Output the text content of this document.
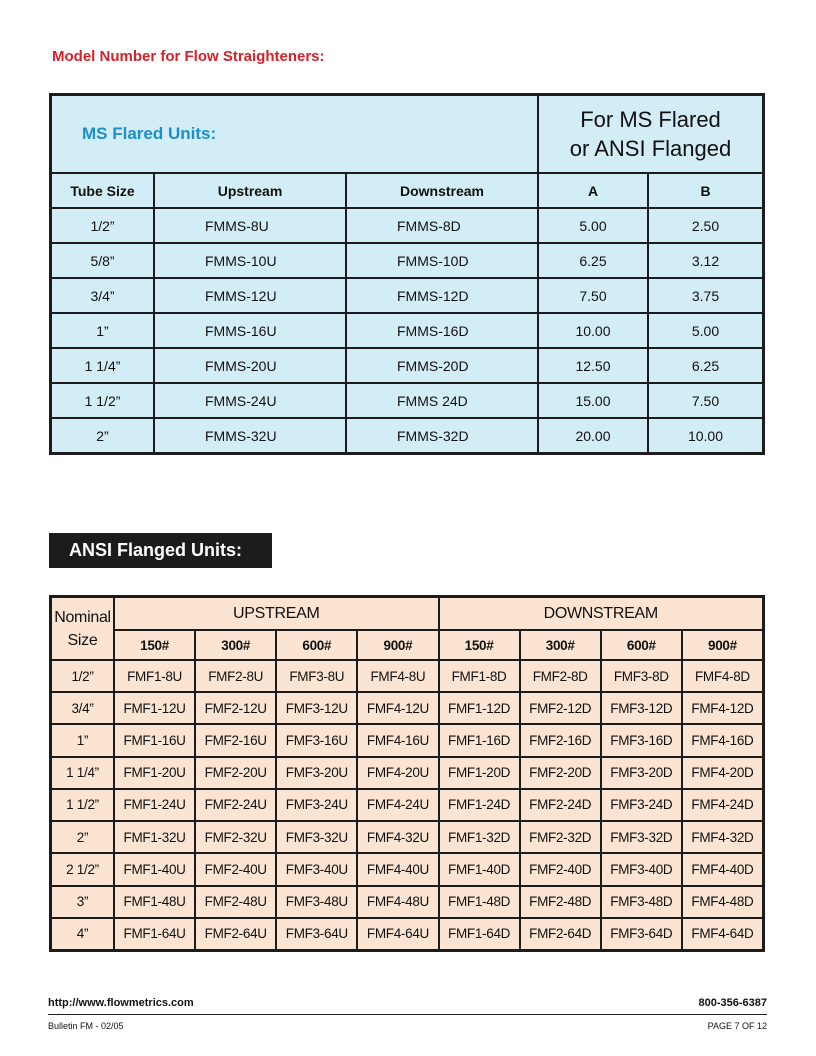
Model Number for Flow Straighteners:
MS Flared Units:
For MS Flared
or ANSI Flanged
Tube Size	Upstream	Downstream	A	B
1/2”	FMMS-8U	FMMS-8D	5.00	2.50
5/8”	FMMS-10U	FMMS-10D	6.25	3.12
3/4”	FMMS-12U	FMMS-12D	7.50	3.75
1”	FMMS-16U	FMMS-16D	10.00	5.00
1 1/4”	FMMS-20U	FMMS-20D	12.50	6.25
1 1/2”	FMMS-24U	FMMS 24D	15.00	7.50
2”	FMMS-32U	FMMS-32D	20.00	10.00
ANSI Flanged Units:
Nominal
Size
UPSTREAM	DOWNSTREAM
150#	300#	600#	900#	150#	300#	600#	900#
1/2”	FMF1-8U	FMF2-8U	FMF3-8U	FMF4-8U	FMF1-8D	FMF2-8D	FMF3-8D	FMF4-8D
3/4”	FMF1-12U	FMF2-12U	FMF3-12U	FMF4-12U	FMF1-12D	FMF2-12D	FMF3-12D	FMF4-12D
1”	FMF1-16U	FMF2-16U	FMF3-16U	FMF4-16U	FMF1-16D	FMF2-16D	FMF3-16D	FMF4-16D
1 1/4”	FMF1-20U	FMF2-20U	FMF3-20U	FMF4-20U	FMF1-20D	FMF2-20D	FMF3-20D	FMF4-20D
1 1/2”	FMF1-24U	FMF2-24U	FMF3-24U	FMF4-24U	FMF1-24D	FMF2-24D	FMF3-24D	FMF4-24D
2”	FMF1-32U	FMF2-32U	FMF3-32U	FMF4-32U	FMF1-32D	FMF2-32D	FMF3-32D	FMF4-32D
2 1/2”	FMF1-40U	FMF2-40U	FMF3-40U	FMF4-40U	FMF1-40D	FMF2-40D	FMF3-40D	FMF4-40D
3”	FMF1-48U	FMF2-48U	FMF3-48U	FMF4-48U	FMF1-48D	FMF2-48D	FMF3-48D	FMF4-48D
4”	FMF1-64U	FMF2-64U	FMF3-64U	FMF4-64U	FMF1-64D	FMF2-64D	FMF3-64D	FMF4-64D
http://www.flowmetrics.com	800-356-6387
Bulletin FM - 02/05	PAGE 7 OF 12
